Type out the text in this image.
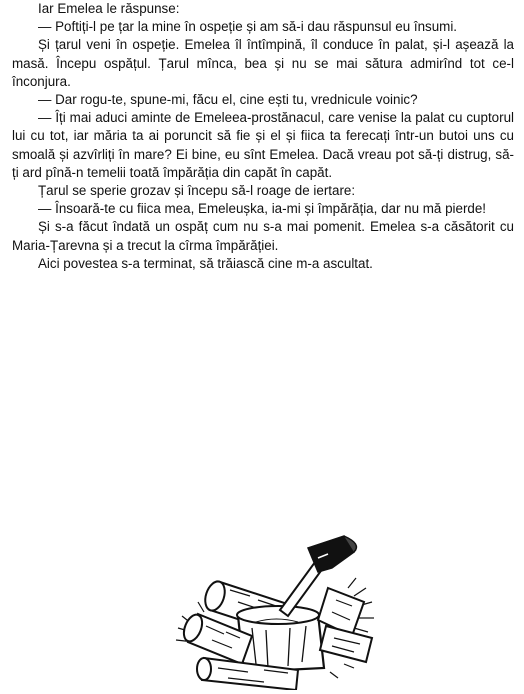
Iar Emelea le răspunse:

— Poftiți-l pe țar la mine în ospeție și am să-i dau răspunsul eu însumi.

Și țarul veni în ospeție. Emelea îl întîmpină, îl conduce în palat, și-l așează la masă. Începu ospățul. Țarul mînca, bea și nu se mai sătura admirînd tot ce-l înconjura.

— Dar rogu-te, spune-mi, făcu el, cine ești tu, vrednicule voinic?

— Îți mai aduci aminte de Emeleea-prostănacul, care venise la palat cu cuptorul lui cu tot, iar măria ta ai poruncit să fie și el și fiica ta ferecați într-un butoi uns cu smoală și azvîrliți în mare? Ei bine, eu sînt Emelea. Dacă vreau pot să-ți distrug, să-ți ard pînă-n temelii toată împărăția din capăt în capăt.

Țarul se sperie grozav și începu să-l roage de iertare:

— Însoară-te cu fiica mea, Emeleușka, ia-mi și împărăția, dar nu mă pierde!

Și s-a făcut îndată un ospăț cum nu s-a mai pomenit. Emelea s-a căsătorit cu Maria-Țarevna și a trecut la cîrma împărăției.

Aici povestea s-a terminat, să trăiască cine m-a ascultat.
